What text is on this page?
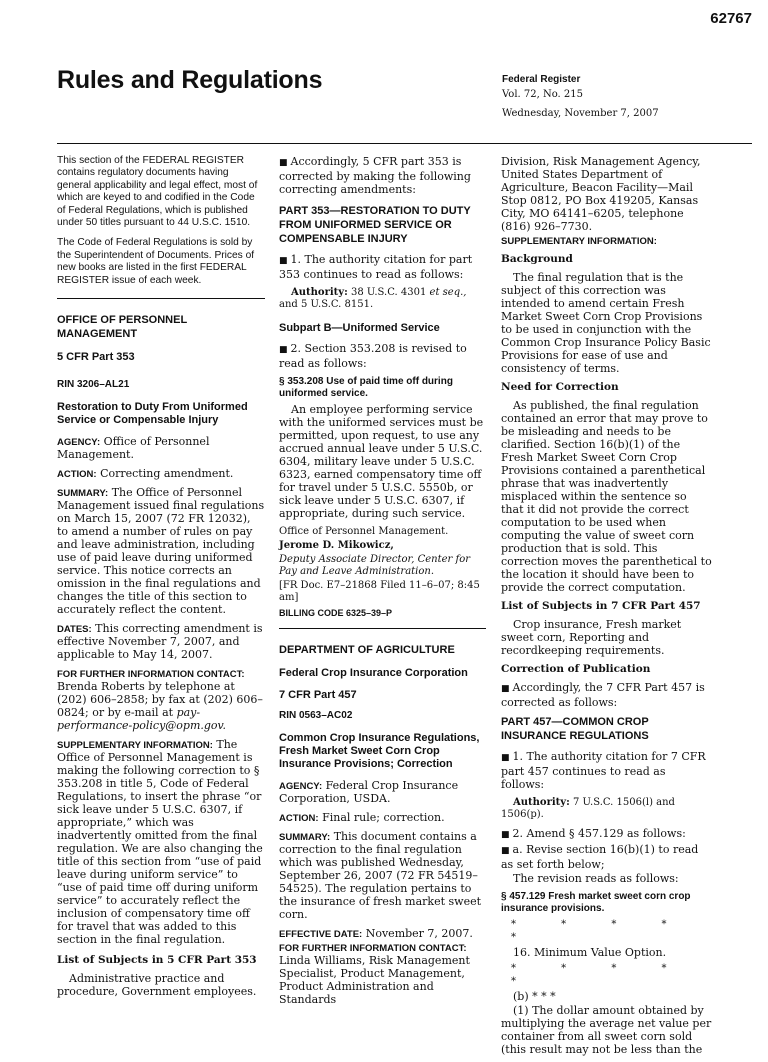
62767
Rules and Regulations	Federal Register
Vol. 72, No. 215
Wednesday, November 7, 2007

This section of the FEDERAL REGISTER contains regulatory documents having general applicability and legal effect, most of which are keyed to and codified in the Code of Federal Regulations, which is published under 50 titles pursuant to 44 U.S.C. 1510.

The Code of Federal Regulations is sold by the Superintendent of Documents. Prices of new books are listed in the first FEDERAL REGISTER issue of each week.

OFFICE OF PERSONNEL MANAGEMENT
5 CFR Part 353
RIN 3206–AL21
Restoration to Duty From Uniformed Service or Compensable Injury

AGENCY: Office of Personnel Management.

ACTION: Correcting amendment.

SUMMARY: The Office of Personnel Management issued final regulations on March 15, 2007 (72 FR 12032), to amend a number of rules on pay and leave administration, including use of paid leave during uniformed service. This notice corrects an omission in the final regulations and changes the title of this section to accurately reflect the content.

DATES: This correcting amendment is effective November 7, 2007, and applicable to May 14, 2007.

FOR FURTHER INFORMATION CONTACT:
Brenda Roberts by telephone at (202) 606–2858; by fax at (202) 606–0824; or by e-mail at pay-performance-policy@opm.gov.

SUPPLEMENTARY INFORMATION: The Office of Personnel Management is making the following correction to § 353.208 in title 5, Code of Federal Regulations, to insert the phrase “or sick leave under 5 U.S.C. 6307, if appropriate,” which was inadvertently omitted from the final regulation. We are also changing the title of this section from “use of paid leave during uniform service” to “use of paid time off during uniform service” to accurately reflect the inclusion of compensatory time off for travel that was added to this section in the final regulation.

List of Subjects in 5 CFR Part 353

Administrative practice and procedure, Government employees.

■ Accordingly, 5 CFR part 353 is corrected by making the following correcting amendments:

PART 353—RESTORATION TO DUTY FROM UNIFORMED SERVICE OR COMPENSABLE INJURY

■ 1. The authority citation for part 353 continues to read as follows:

Authority: 38 U.S.C. 4301 et seq., and 5 U.S.C. 8151.

Subpart B—Uniformed Service

■ 2. Section 353.208 is revised to read as follows:

§ 353.208 Use of paid time off during uniformed service.

An employee performing service with the uniformed services must be permitted, upon request, to use any accrued annual leave under 5 U.S.C. 6304, military leave under 5 U.S.C. 6323, earned compensatory time off for travel under 5 U.S.C. 5550b, or sick leave under 5 U.S.C. 6307, if appropriate, during such service.

Office of Personnel Management.

Jerome D. Mikowicz,

Deputy Associate Director, Center for Pay and Leave Administration.

[FR Doc. E7–21868 Filed 11–6–07; 8:45 am]

BILLING CODE 6325–39–P
DEPARTMENT OF AGRICULTURE
Federal Crop Insurance Corporation
7 CFR Part 457
RIN 0563–AC02
Common Crop Insurance Regulations, Fresh Market Sweet Corn Crop Insurance Provisions; Correction

AGENCY: Federal Crop Insurance Corporation, USDA.

ACTION: Final rule; correction.

SUMMARY: This document contains a correction to the final regulation which was published Wednesday, September 26, 2007 (72 FR 54519–54525). The regulation pertains to the insurance of fresh market sweet corn.

EFFECTIVE DATE: November 7, 2007.

FOR FURTHER INFORMATION CONTACT:
Linda Williams, Risk Management Specialist, Product Management, Product Administration and Standards

Division, Risk Management Agency, United States Department of Agriculture, Beacon Facility—Mail Stop 0812, PO Box 419205, Kansas City, MO 64141–6205, telephone (816) 926–7730.

SUPPLEMENTARY INFORMATION:

Background

The final regulation that is the subject of this correction was intended to amend certain Fresh Market Sweet Corn Crop Provisions to be used in conjunction with the Common Crop Insurance Policy Basic Provisions for ease of use and consistency of terms.

Need for Correction

As published, the final regulation contained an error that may prove to be misleading and needs to be clarified. Section 16(b)(1) of the Fresh Market Sweet Corn Crop Provisions contained a parenthetical phrase that was inadvertently misplaced within the sentence so that it did not provide the correct computation to be used when computing the value of sweet corn production that is sold. This correction moves the parenthetical to the location it should have been to provide the correct computation.

List of Subjects in 7 CFR Part 457

Crop insurance, Fresh market sweet corn, Reporting and recordkeeping requirements.

Correction of Publication

■ Accordingly, the 7 CFR Part 457 is corrected as follows:

PART 457—COMMON CROP INSURANCE REGULATIONS

■ 1. The authority citation for 7 CFR part 457 continues to read as follows:

Authority: 7 U.S.C. 1506(l) and 1506(p).

■ 2. Amend § 457.129 as follows:

■ a. Revise section 16(b)(1) to read as set forth below;

The revision reads as follows:

§ 457.129 Fresh market sweet corn crop insurance provisions.
* * * * *

16. Minimum Value Option.

* * * * *

(b) * * *

(1) The dollar amount obtained by multiplying the average net value per container from all sweet corn sold (this result may not be less than the
